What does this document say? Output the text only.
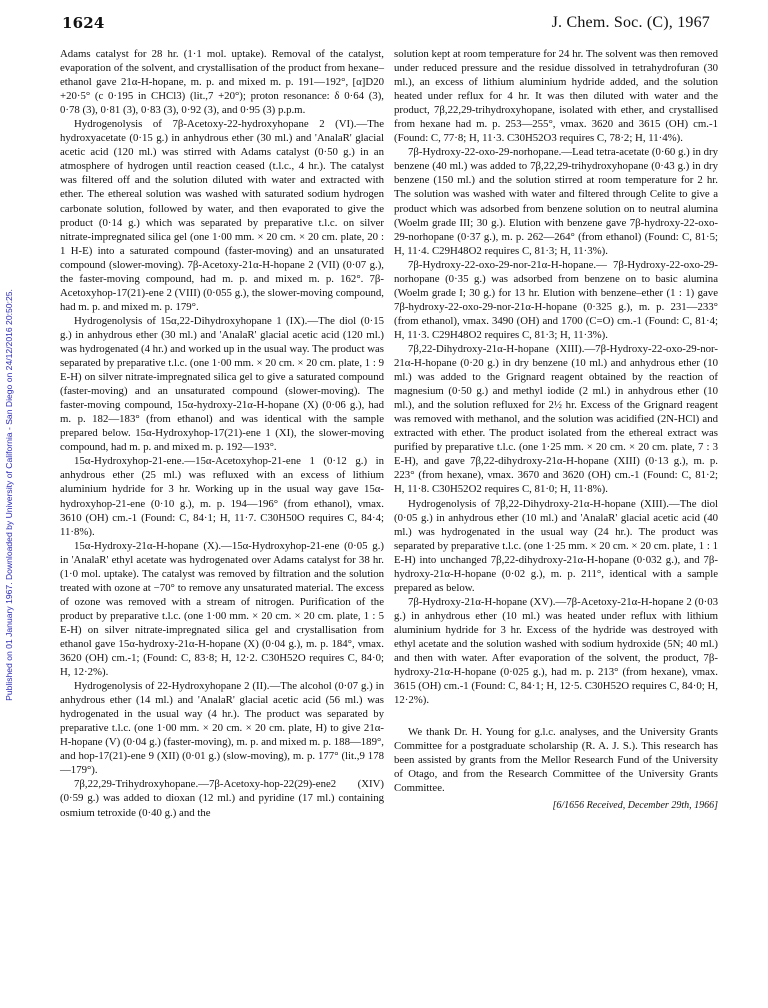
Published on 01 January 1967. Downloaded by University of California - San Diego on 24/12/2016 20:50:25.
1624	J. Chem. Soc. (C), 1967

Adams catalyst for 28 hr. (1·1 mol. uptake). Removal of the catalyst, evaporation of the solvent, and crystallisation of the product from hexane–ethanol gave 21α-H-hopane, m. p. and mixed m. p. 191—192°, [α]D20 +20·5° (c 0·195 in CHCl3) (lit.,7 +20°); proton resonance: δ 0·64 (3), 0·78 (3), 0·81 (3), 0·83 (3), 0·92 (3), and 0·95 (3) p.p.m.

Hydrogenolysis of 7β-Acetoxy-22-hydroxyhopane 2 (VI).—The hydroxyacetate (0·15 g.) in anhydrous ether (30 ml.) and 'AnalaR' glacial acetic acid (120 ml.) was stirred with Adams catalyst (0·50 g.) in an atmosphere of hydrogen until reaction ceased (t.l.c., 4 hr.). The catalyst was filtered off and the solution diluted with water and extracted with ether. The ethereal solution was washed with saturated sodium hydrogen carbonate solution, followed by water, and then evaporated to give the product (0·14 g.) which was separated by preparative t.l.c. on silver nitrate-impregnated silica gel (one 1·00 mm. × 20 cm. × 20 cm. plate, 20 : 1 H-E) into a saturated compound (faster-moving) and an unsaturated compound (slower-moving). 7β-Acetoxy-21α-H-hopane 2 (VII) (0·07 g.), the faster-moving compound, had m. p. and mixed m. p. 162°. 7β-Acetoxyhop-17(21)-ene 2 (VIII) (0·055 g.), the slower-moving compound, had m. p. and mixed m. p. 179°.

Hydrogenolysis of 15α,22-Dihydroxyhopane 1 (IX).—The diol (0·15 g.) in anhydrous ether (30 ml.) and 'AnalaR' glacial acetic acid (120 ml.) was hydrogenated (4 hr.) and worked up in the usual way. The product was separated by preparative t.l.c. (one 1·00 mm. × 20 cm. × 20 cm. plate, 1 : 9 E-H) on silver nitrate-impregnated silica gel to give a saturated compound (faster-moving) and an unsaturated compound (slower-moving). The faster-moving compound, 15α-hydroxy-21α-H-hopane (X) (0·06 g.), had m. p. 182—183° (from ethanol) and was identical with the sample prepared below. 15α-Hydroxyhop-17(21)-ene 1 (XI), the slower-moving compound, had m. p. and mixed m. p. 192—193°.

15α-Hydroxyhop-21-ene.—15α-Acetoxyhop-21-ene 1 (0·12 g.) in anhydrous ether (25 ml.) was refluxed with an excess of lithium aluminium hydride for 3 hr. Working up in the usual way gave 15α-hydroxyhop-21-ene (0·10 g.), m. p. 194—196° (from ethanol), νmax. 3610 (OH) cm.-1 (Found: C, 84·1; H, 11·7. C30H50O requires C, 84·4; 11·8%).

15α-Hydroxy-21α-H-hopane (X).—15α-Hydroxyhop-21-ene (0·05 g.) in 'AnalaR' ethyl acetate was hydrogenated over Adams catalyst for 38 hr. (1·0 mol. uptake). The catalyst was removed by filtration and the solution treated with ozone at −70° to remove any unsaturated material. The excess of ozone was removed with a stream of nitrogen. Purification of the product by preparative t.l.c. (one 1·00 mm. × 20 cm. × 20 cm. plate, 1 : 5 E-H) on silver nitrate-impregnated silica gel and crystallisation from ethanol gave 15α-hydroxy-21α-H-hopane (X) (0·04 g.), m. p. 184°, νmax. 3620 (OH) cm.-1; (Found: C, 83·8; H, 12·2. C30H52O requires C, 84·0; H, 12·2%).

Hydrogenolysis of 22-Hydroxyhopane 2 (II).—The alcohol (0·07 g.) in anhydrous ether (14 ml.) and 'AnalaR' glacial acetic acid (56 ml.) was hydrogenated in the usual way (4 hr.). The product was separated by preparative t.l.c. (one 1·00 mm. × 20 cm. × 20 cm. plate, H) to give 21α-H-hopane (V) (0·04 g.) (faster-moving), m. p. and mixed m. p. 188—189°, and hop-17(21)-ene 9 (XII) (0·01 g.) (slow-moving), m. p. 177° (lit.,9 178—179°).

7β,22,29-Trihydroxyhopane.—7β-Acetoxy-hop-22(29)-ene2 (XIV) (0·59 g.) was added to dioxan (12 ml.) and pyridine (17 ml.) containing osmium tetroxide (0·40 g.) and the

solution kept at room temperature for 24 hr. The solvent was then removed under reduced pressure and the residue dissolved in tetrahydrofuran (30 ml.), an excess of lithium aluminium hydride added, and the solution heated under reflux for 4 hr. It was then diluted with water and the product, 7β,22,29-trihydroxyhopane, isolated with ether, and crystallised from hexane had m. p. 253—255°, νmax. 3620 and 3615 (OH) cm.-1 (Found: C, 77·8; H, 11·3. C30H52O3 requires C, 78·2; H, 11·4%).

7β-Hydroxy-22-oxo-29-norhopane.—Lead tetra-acetate (0·60 g.) in dry benzene (40 ml.) was added to 7β,22,29-trihydroxyhopane (0·43 g.) in dry benzene (150 ml.) and the solution stirred at room temperature for 2 hr. The solution was washed with water and filtered through Celite to give a product which was adsorbed from benzene solution on to neutral alumina (Woelm grade III; 30 g.). Elution with benzene gave 7β-hydroxy-22-oxo-29-norhopane (0·37 g.), m. p. 262—264° (from ethanol) (Found: C, 81·5; H, 11·4. C29H48O2 requires C, 81·3; H, 11·3%).

7β-Hydroxy-22-oxo-29-nor-21α-H-hopane.— 7β-Hydroxy-22-oxo-29-norhopane (0·35 g.) was adsorbed from benzene on to basic alumina (Woelm grade I; 30 g.) for 13 hr. Elution with benzene–ether (1 : 1) gave 7β-hydroxy-22-oxo-29-nor-21α-H-hopane (0·325 g.), m. p. 231—233° (from ethanol), νmax. 3490 (OH) and 1700 (C=O) cm.-1 (Found: C, 81·4; H, 11·3. C29H48O2 requires C, 81·3; H, 11·3%).

7β,22-Dihydroxy-21α-H-hopane (XIII).—7β-Hydroxy-22-oxo-29-nor-21α-H-hopane (0·20 g.) in dry benzene (10 ml.) and anhydrous ether (10 ml.) was added to the Grignard reagent obtained by the reaction of magnesium (0·50 g.) and methyl iodide (2 ml.) in anhydrous ether (10 ml.), and the solution refluxed for 2½ hr. Excess of the Grignard reagent was removed with methanol, and the solution was acidified (2N-HCl) and extracted with ether. The product isolated from the ethereal extract was purified by preparative t.l.c. (one 1·25 mm. × 20 cm. × 20 cm. plate, 7 : 3 E-H), and gave 7β,22-dihydroxy-21α-H-hopane (XIII) (0·13 g.), m. p. 223° (from hexane), νmax. 3670 and 3620 (OH) cm.-1 (Found: C, 81·2; H, 11·8. C30H52O2 requires C, 81·0; H, 11·8%).

Hydrogenolysis of 7β,22-Dihydroxy-21α-H-hopane (XIII).—The diol (0·05 g.) in anhydrous ether (10 ml.) and 'AnalaR' glacial acetic acid (40 ml.) was hydrogenated in the usual way (24 hr.). The product was separated by preparative t.l.c. (one 1·25 mm. × 20 cm. × 20 cm. plate, 1 : 1 E-H) into unchanged 7β,22-dihydroxy-21α-H-hopane (0·032 g.), and 7β-hydroxy-21α-H-hopane (0·02 g.), m. p. 211°, identical with a sample prepared as below.

7β-Hydroxy-21α-H-hopane (XV).—7β-Acetoxy-21α-H-hopane 2 (0·03 g.) in anhydrous ether (10 ml.) was heated under reflux with lithium aluminium hydride for 3 hr. Excess of the hydride was destroyed with ethyl acetate and the solution washed with sodium hydroxide (5N; 40 ml.) and then with water. After evaporation of the solvent, the product, 7β-hydroxy-21α-H-hopane (0·025 g.), had m. p. 213° (from hexane), νmax. 3615 (OH) cm.-1 (Found: C, 84·1; H, 12·5. C30H52O requires C, 84·0; H, 12·2%).

We thank Dr. H. Young for g.l.c. analyses, and the University Grants Committee for a postgraduate scholarship (R. A. J. S.). This research has been assisted by grants from the Mellor Research Fund of the University of Otago, and from the Research Committee of the University Grants Committee.

[6/1656 Received, December 29th, 1966]
